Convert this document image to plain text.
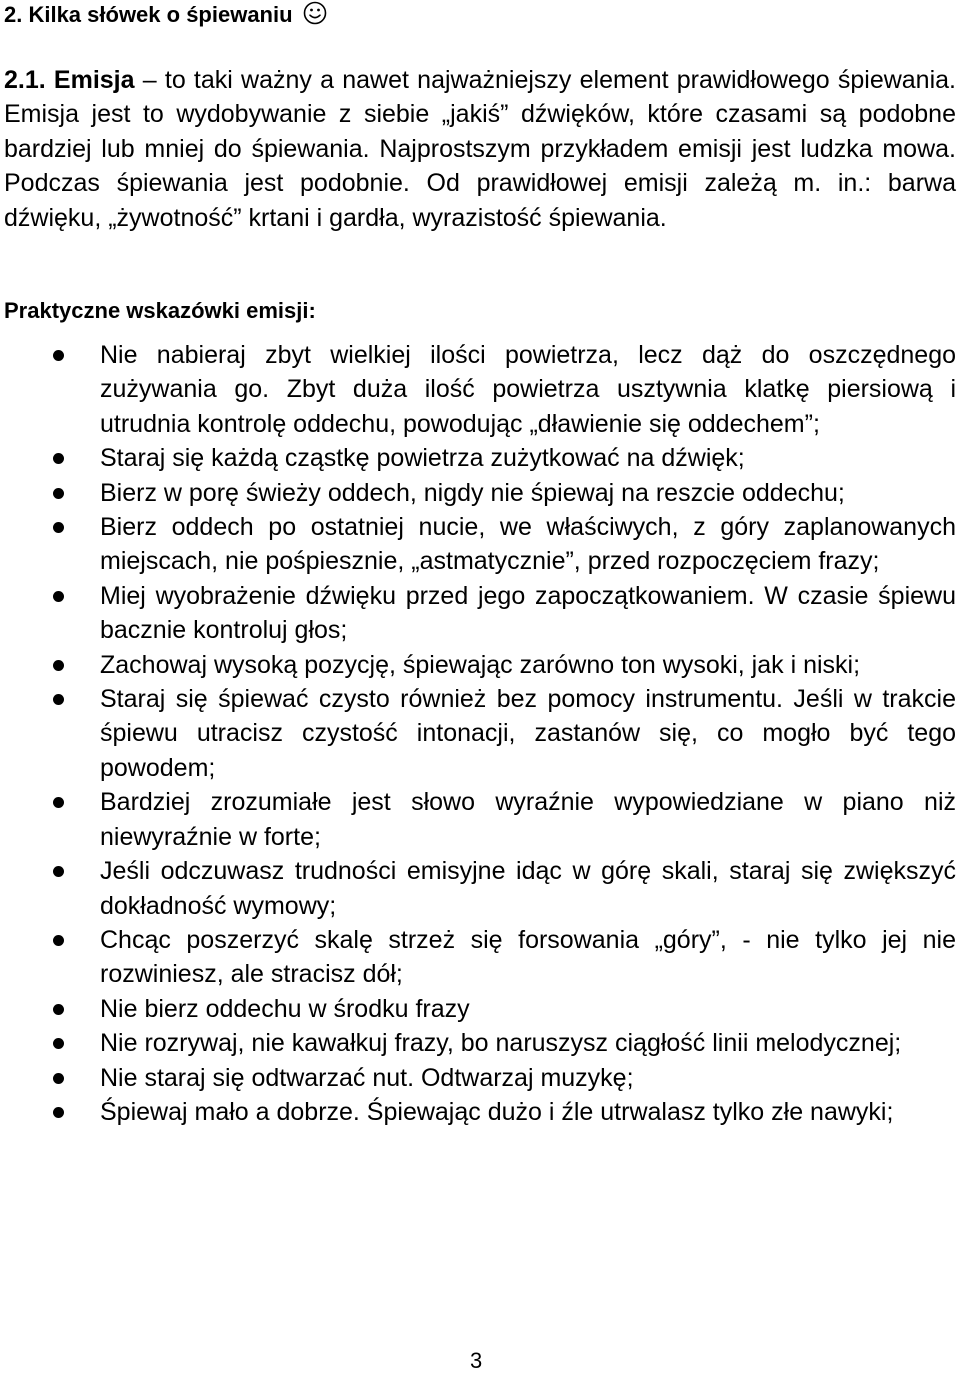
2. Kilka słówek o śpiewaniu
2.1. Emisja – to taki ważny a nawet najważniejszy element prawidłowego śpiewania. Emisja jest to wydobywanie z siebie „jakiś” dźwięków, które czasami są podobne bardziej lub mniej do śpiewania. Najprostszym przykładem emisji jest ludzka mowa. Podczas śpiewania jest podobnie. Od prawidłowej emisji zależą m. in.: barwa dźwięku, „żywotność” krtani i gardła, wyrazistość śpiewania.
Praktyczne wskazówki emisji:
Nie nabieraj zbyt wielkiej ilości powietrza, lecz dąż do oszczędnego zużywania go. Zbyt duża ilość powietrza usztywnia klatkę piersiową i utrudnia kontrolę oddechu, powodując „dławienie się oddechem”;
Staraj się każdą cząstkę powietrza zużytkować na dźwięk;
Bierz w porę świeży oddech, nigdy nie śpiewaj na reszcie oddechu;
Bierz oddech po ostatniej nucie, we właściwych, z góry zaplanowanych miejscach, nie pośpiesznie, „astmatycznie”, przed rozpoczęciem frazy;
Miej wyobrażenie dźwięku przed jego zapoczątkowaniem. W czasie śpiewu bacznie kontroluj głos;
Zachowaj wysoką pozycję, śpiewając zarówno ton wysoki, jak i niski;
Staraj się śpiewać czysto również bez pomocy instrumentu. Jeśli w trakcie śpiewu utracisz czystość intonacji, zastanów się, co mogło być tego powodem;
Bardziej zrozumiałe jest słowo wyraźnie wypowiedziane w piano niż niewyraźnie w forte;
Jeśli odczuwasz trudności emisyjne idąc w górę skali, staraj się zwiększyć dokładność wymowy;
Chcąc poszerzyć skalę strzeż się forsowania „góry”, - nie tylko jej nie rozwiniesz, ale stracisz dół;
Nie bierz oddechu w środku frazy
Nie rozrywaj, nie kawałkuj frazy, bo naruszysz ciągłość linii melodycznej;
Nie staraj się odtwarzać nut. Odtwarzaj muzykę;
Śpiewaj mało a dobrze. Śpiewając dużo i źle utrwalasz tylko złe nawyki;
3
